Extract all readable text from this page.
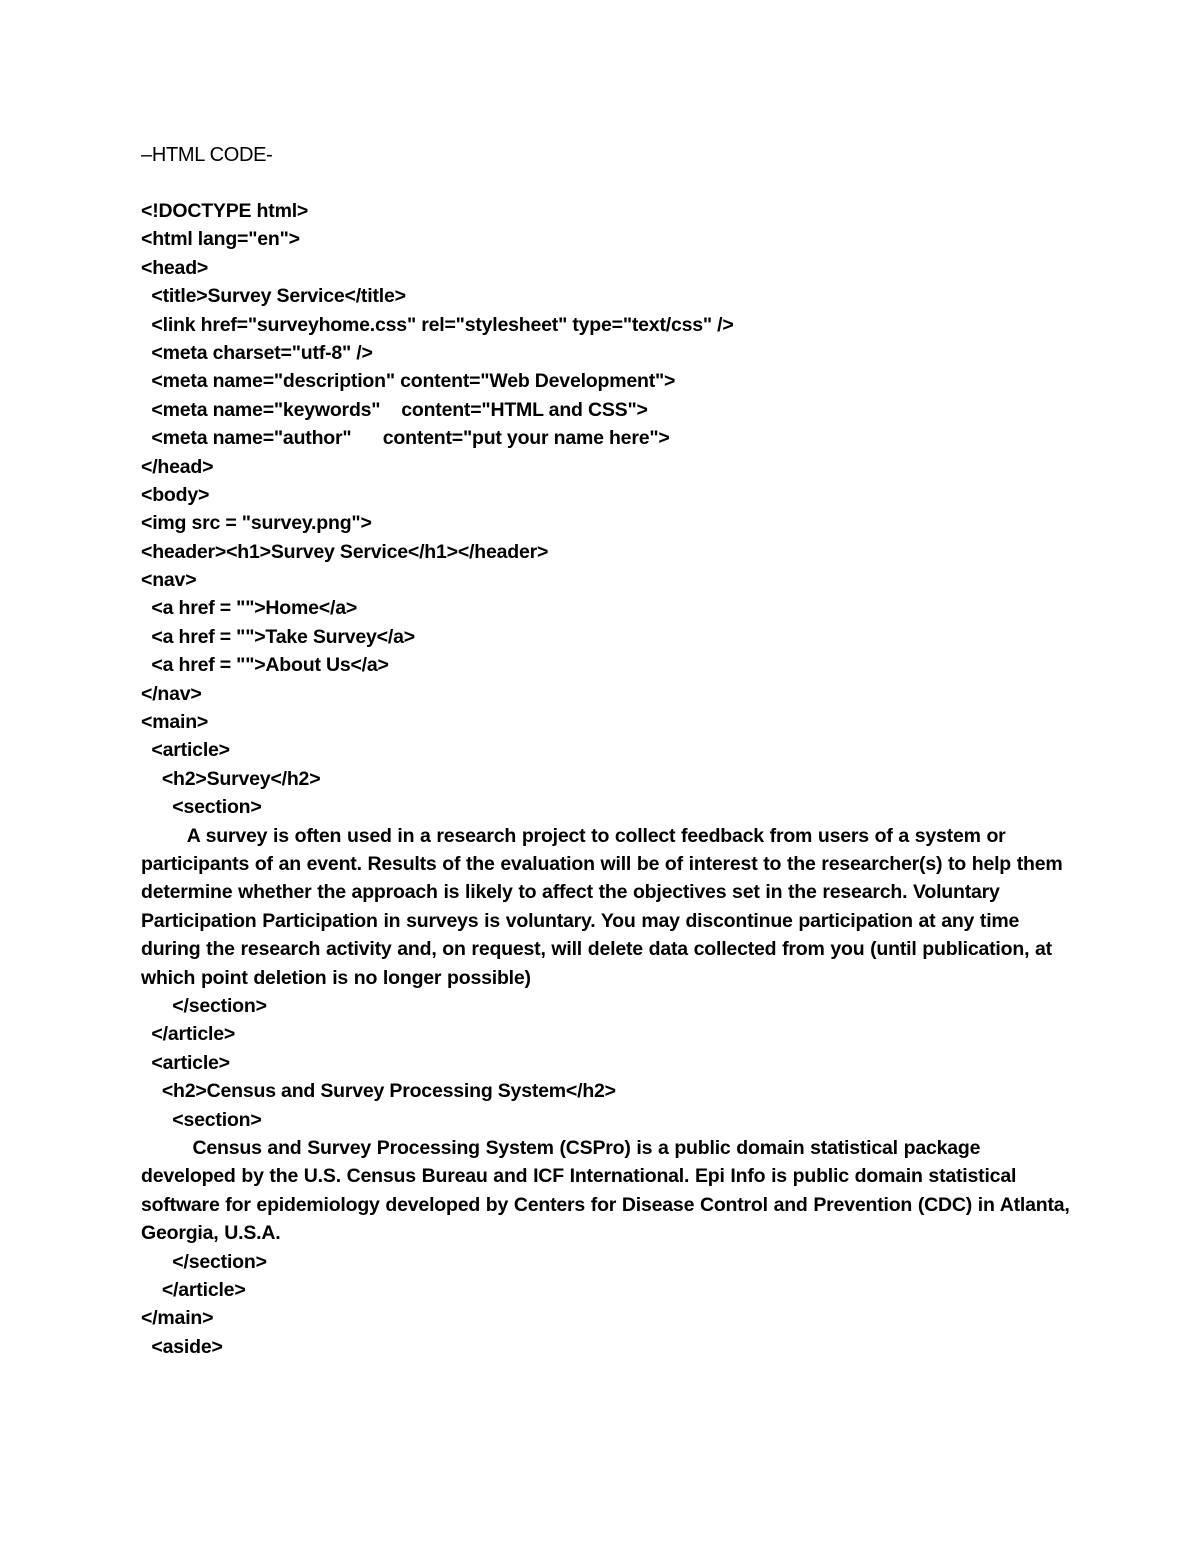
–HTML CODE-
<!DOCTYPE html>
<html lang="en">
<head>
<title>Survey Service</title>
<link href="surveyhome.css" rel="stylesheet" type="text/css" />
<meta charset="utf-8" />
<meta name="description" content="Web Development">
<meta name="keywords"    content="HTML and CSS">
<meta name="author"      content="put your name here">
</head>
<body>
<img src = "survey.png">
<header><h1>Survey Service</h1></header>
<nav>
<a href = "">Home</a>
<a href = "">Take Survey</a>
<a href = "">About Us</a>
</nav>
<main>
<article>
<h2>Survey</h2>
<section>
A survey is often used in a research project to collect feedback from users of a system or participants of an event. Results of the evaluation will be of interest to the researcher(s) to help them determine whether the approach is likely to affect the objectives set in the research. Voluntary Participation Participation in surveys is voluntary. You may discontinue participation at any time during the research activity and, on request, will delete data collected from you (until publication, at which point deletion is no longer possible)
</section>
</article>
<article>
<h2>Census and Survey Processing System</h2>
<section>
Census and Survey Processing System (CSPro) is a public domain statistical package developed by the U.S. Census Bureau and ICF International. Epi Info is public domain statistical software for epidemiology developed by Centers for Disease Control and Prevention (CDC) in Atlanta, Georgia, U.S.A.
</section>
</article>
</main>
<aside>
